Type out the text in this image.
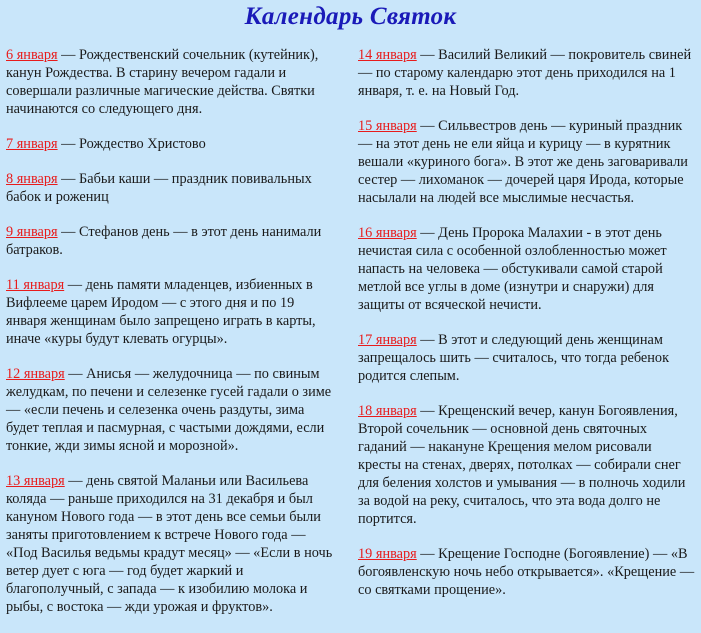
Календарь Святок

6 января — Рождественский сочельник (кутейник), канун Рождества. В старину вечером гадали и совершали различные магические действа. Святки начинаются со следующего дня.

7 января — Рождество Христово

8 января — Бабьи каши — праздник повивальных бабок и рожениц

9 января — Стефанов день — в этот день нанимали батраков.

11 января — день памяти младенцев, избиенных в Вифлееме царем Иродом — с этого дня и по 19 января женщинам было запрещено играть в карты, иначе «куры будут клевать огурцы».

12 января — Анисья — желудочница — по свиным желудкам, по печени и селезенке гусей гадали о зиме — «если печень и селезенка очень раздуты, зима будет теплая и пасмурная, с частыми дождями, если тонкие, жди зимы ясной и морозной».

13 января — день святой Маланьи или Васильева коляда — раньше приходился на 31 декабря и был кануном Нового года — в этот день все семьи были заняты приготовлением к встрече Нового года — «Под Василья ведьмы крадут месяц» — «Если в ночь ветер дует с юга — год будет жаркий и благополучный, с запада — к изобилию молока и рыбы, с востока — жди урожая и фруктов».

14 января — Василий Великий — покровитель свиней — по старому календарю этот день приходился на 1 января, т. е. на Новый Год.

15 января — Сильвестров день — куриный праздник — на этот день не ели яйца и курицу — в курятник вешали «куриного бога». В этот же день заговаривали сестер — лихоманок — дочерей царя Ирода, которые насылали на людей все мыслимые несчастья.

16 января — День Пророка Малахии - в этот день нечистая сила с особенной озлобленностью может напасть на человека — обстукивали самой старой метлой все углы в доме (изнутри и снаружи) для защиты от всяческой нечисти.

17 января — В этот и следующий день женщинам запрещалось шить — считалось, что тогда ребенок родится слепым.

18 января — Крещенский вечер, канун Богоявления, Второй сочельник — основной день святочных гаданий — накануне Крещения мелом рисовали кресты на стенах, дверях, потолках — собирали снег для беления холстов и умывания — в полночь ходили за водой на реку, считалось, что эта вода долго не портится.

19 января — Крещение Господне (Богоявление) — «В богоявленскую ночь небо открывается». «Крещение — со святками прощение».
